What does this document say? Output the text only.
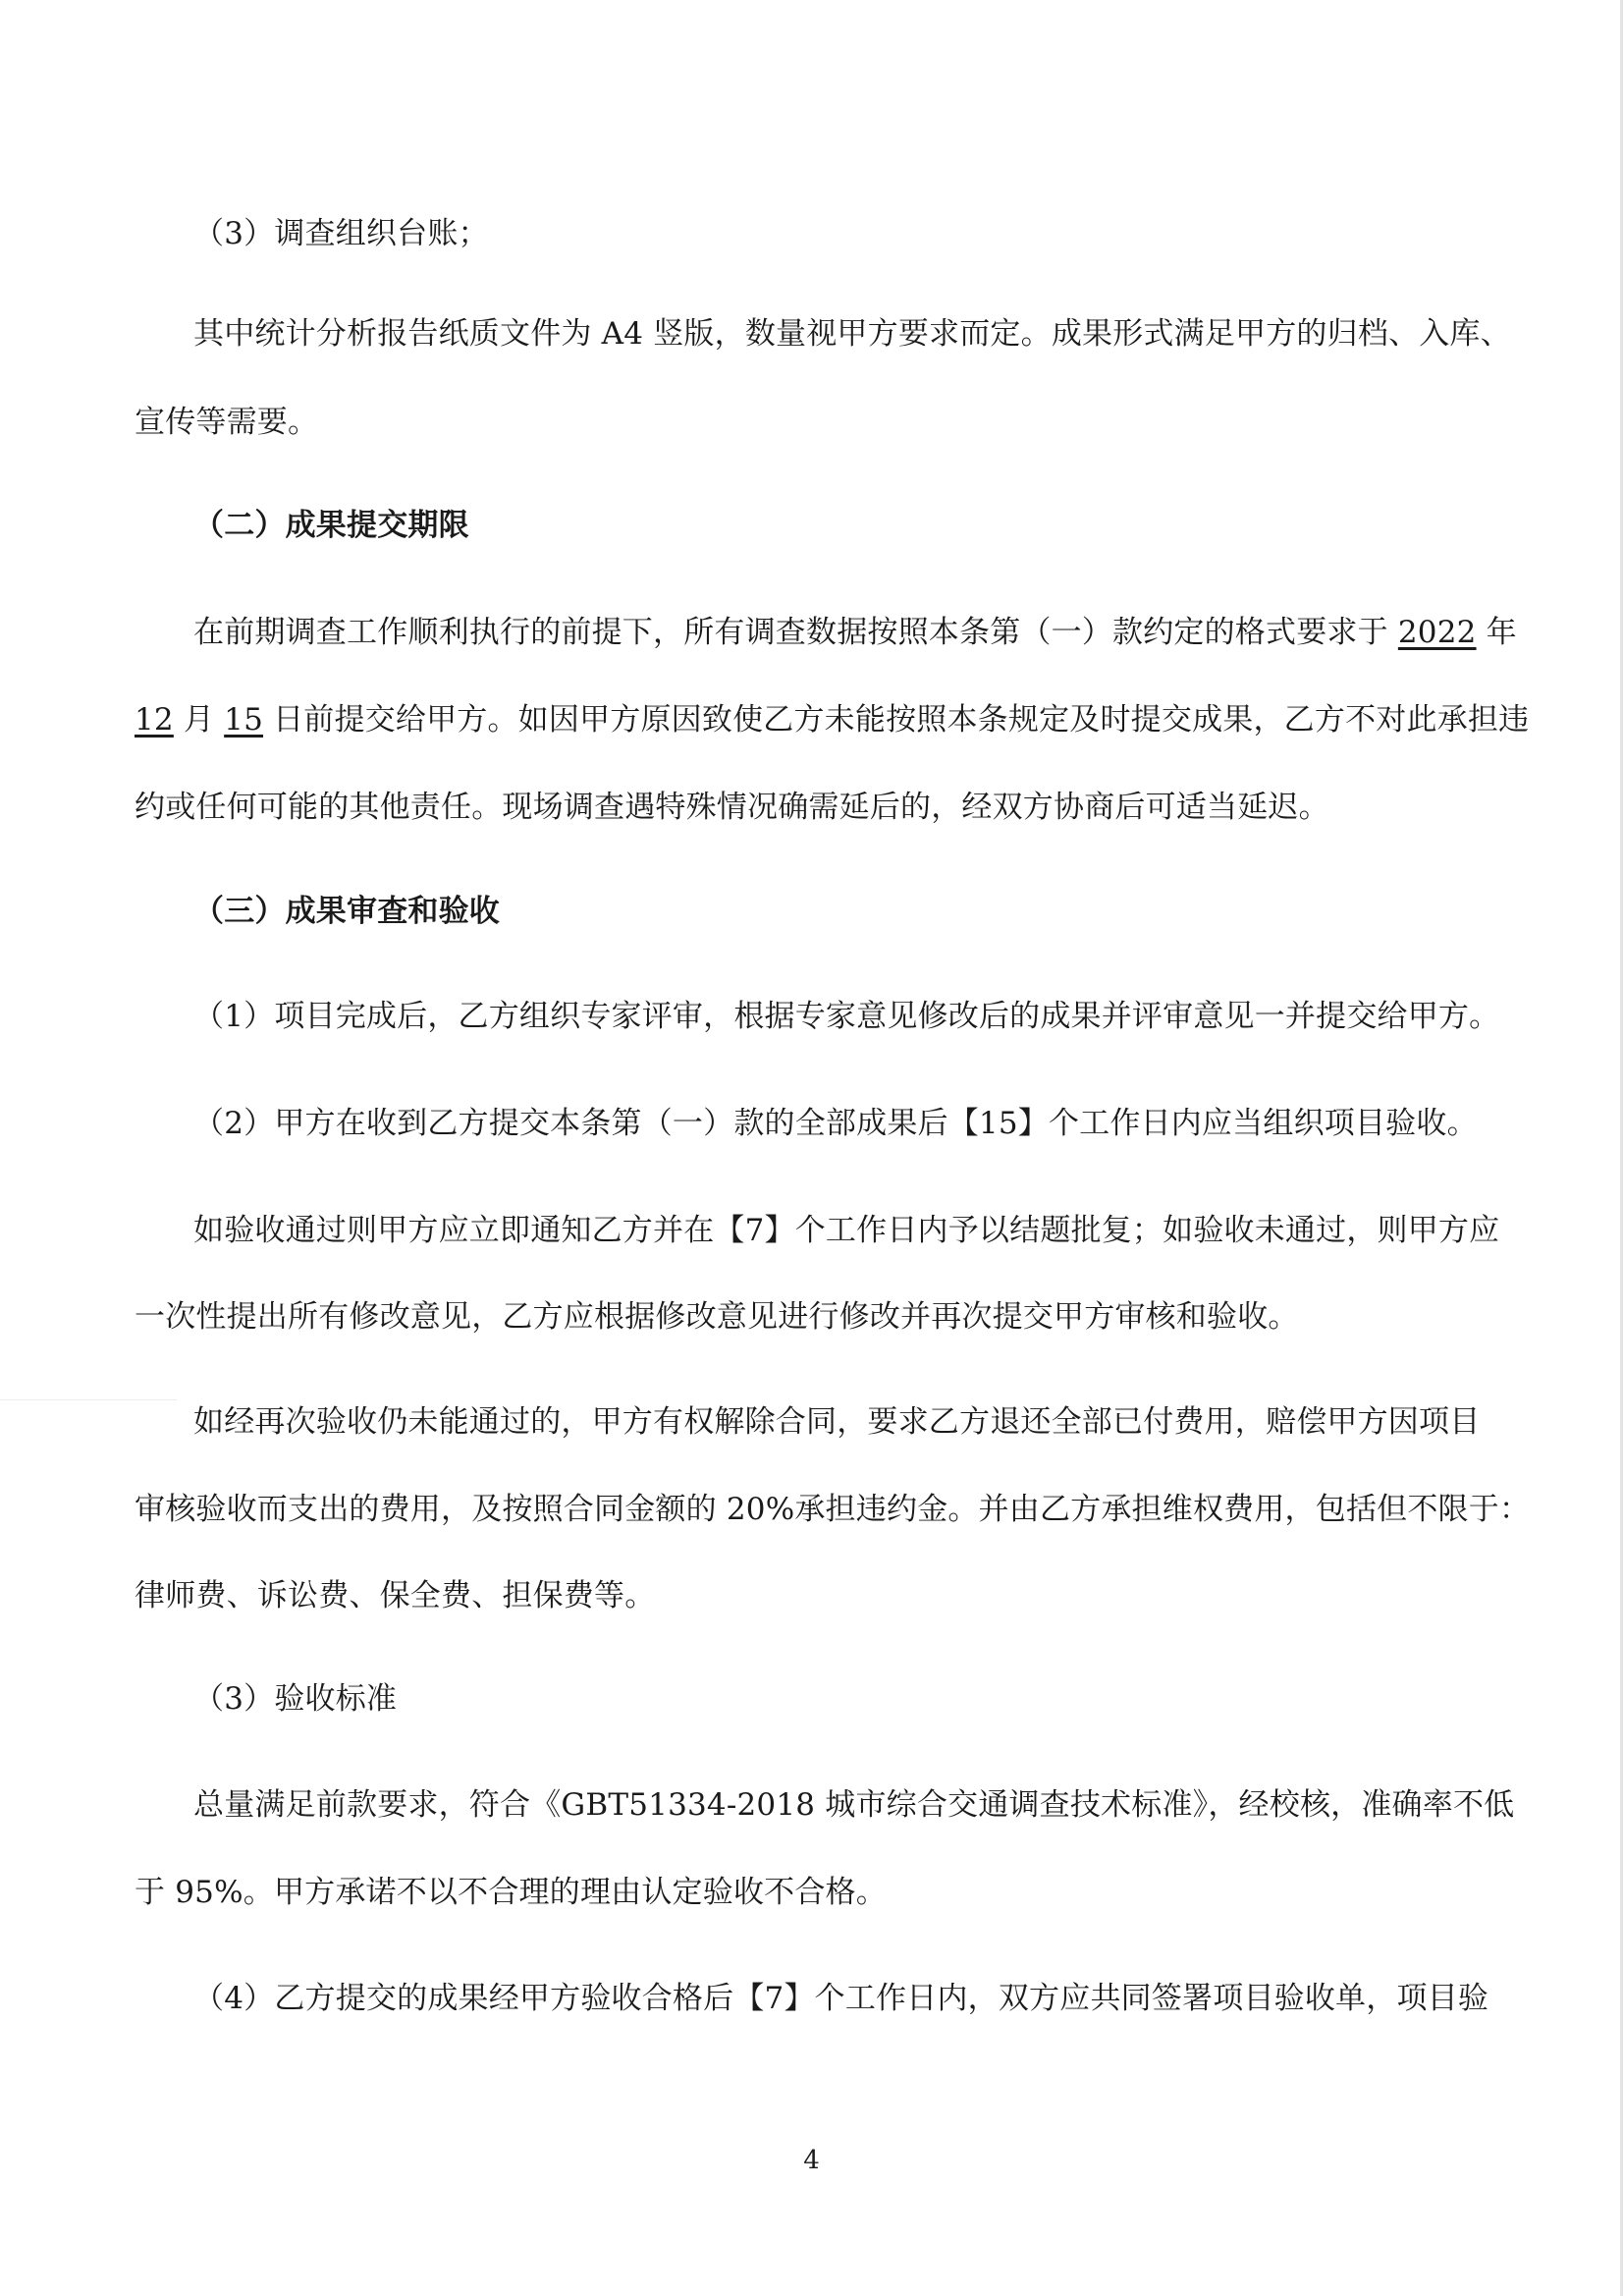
（3）调查组织台账；
其中统计分析报告纸质文件为 A4 竖版，数量视甲方要求而定。成果形式满足甲方的归档、入库、
宣传等需要。
（二）成果提交期限
在前期调查工作顺利执行的前提下，所有调查数据按照本条第（一）款约定的格式要求于 2022 年
12 月 15 日前提交给甲方。如因甲方原因致使乙方未能按照本条规定及时提交成果，乙方不对此承担违
约或任何可能的其他责任。现场调查遇特殊情况确需延后的，经双方协商后可适当延迟。
（三）成果审查和验收
（1）项目完成后，乙方组织专家评审，根据专家意见修改后的成果并评审意见一并提交给甲方。
（2）甲方在收到乙方提交本条第（一）款的全部成果后【15】个工作日内应当组织项目验收。
如验收通过则甲方应立即通知乙方并在【7】个工作日内予以结题批复；如验收未通过，则甲方应
一次性提出所有修改意见，乙方应根据修改意见进行修改并再次提交甲方审核和验收。
如经再次验收仍未能通过的，甲方有权解除合同，要求乙方退还全部已付费用，赔偿甲方因项目
审核验收而支出的费用，及按照合同金额的 20%承担违约金。并由乙方承担维权费用，包括但不限于：
律师费、诉讼费、保全费、担保费等。
（3）验收标准
总量满足前款要求，符合《GBT51334-2018 城市综合交通调查技术标准》，经校核，准确率不低
于 95%。甲方承诺不以不合理的理由认定验收不合格。
（4）乙方提交的成果经甲方验收合格后【7】个工作日内，双方应共同签署项目验收单，项目验
4
